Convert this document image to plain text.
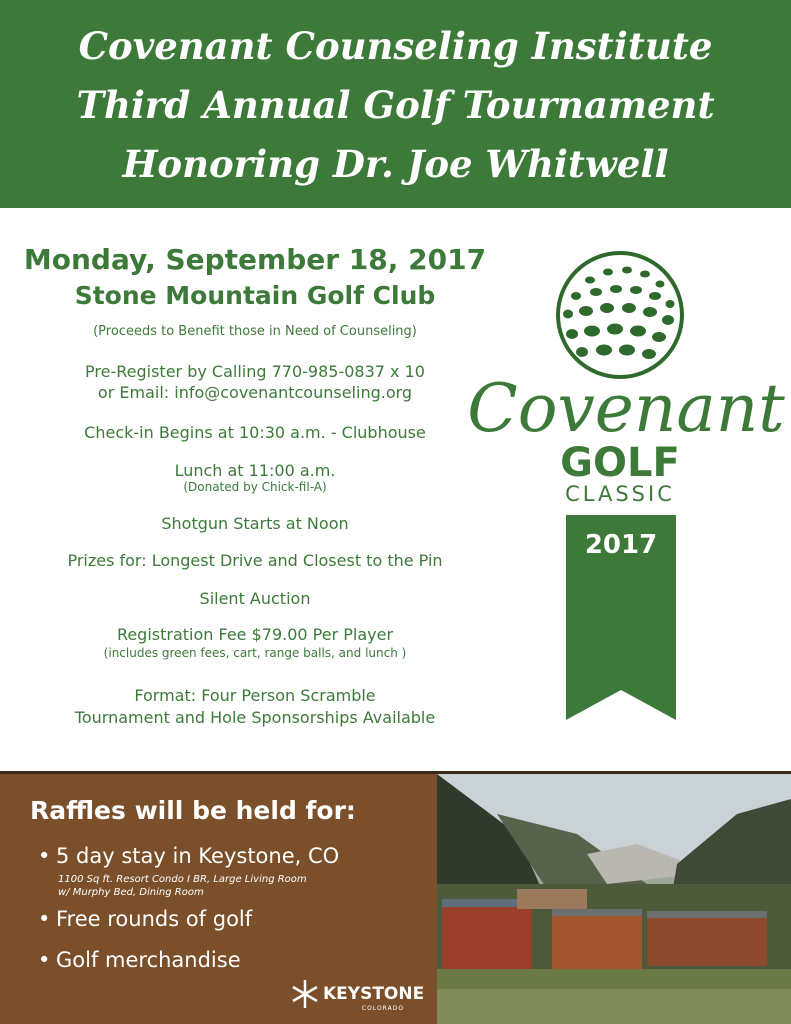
Covenant Counseling Institute
Third Annual Golf Tournament
Honoring Dr. Joe Whitwell
Monday, September 18, 2017
Stone Mountain Golf Club
(Proceeds to Benefit those in Need of Counseling)
Pre-Register by Calling 770-985-0837 x 10
or Email: info@covenantcounseling.org
Check-in Begins at 10:30 a.m. - Clubhouse
Lunch at 11:00 a.m.
(Donated by Chick-fil-A)
Shotgun Starts at Noon
Prizes for: Longest Drive and Closest to the Pin
Silent Auction
Registration Fee $79.00 Per Player
(includes green fees, cart, range balls, and lunch )
Format: Four Person Scramble
Tournament and Hole Sponsorships Available
Covenant
GOLF
CLASSIC
2017
Raffles will be held for:
• 5 day stay in Keystone, CO
1100 Sq ft. Resort Condo I BR, Large Living Room
w/ Murphy Bed, Dining Room
• Free rounds of golf
• Golf merchandise
KEYSTONE
COLORADO
